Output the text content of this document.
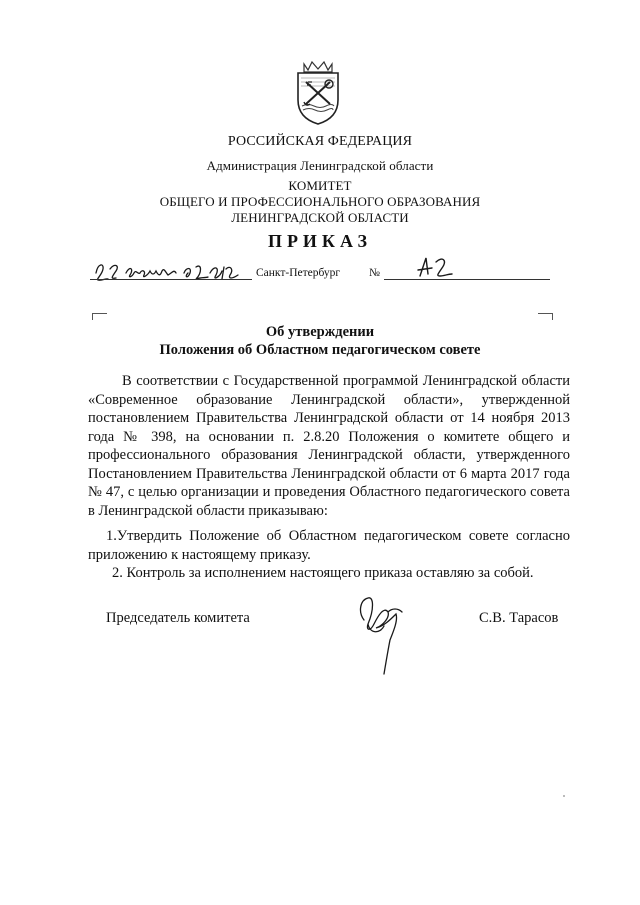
РОССИЙСКАЯ ФЕДЕРАЦИЯ
Администрация Ленинградской области
КОМИТЕТ
ОБЩЕГО И ПРОФЕССИОНАЛЬНОГО ОБРАЗОВАНИЯ
ЛЕНИНГРАДСКОЙ ОБЛАСТИ
ПРИКАЗ
Санкт-Петербург	№
Об утверждении
Положения об Областном педагогическом совете

В соответствии с Государственной программой Ленинградской области «Современное образование Ленинградской области», утвержденной постановлением Правительства Ленинградской области от 14 ноября 2013 года № 398, на основании п. 2.8.20 Положения о комитете общего и профессионального образования Ленинградской области, утвержденного Постановлением Правительства Ленинградской области от 6 марта 2017 года № 47, с целью организации и проведения Областного педагогического совета в Ленинградской области приказываю:

1.Утвердить Положение об Областном педагогическом совете согласно приложению к настоящему приказу.

2. Контроль за исполнением настоящего приказа оставляю за собой.

Председатель комитета	С.В. Тарасов
